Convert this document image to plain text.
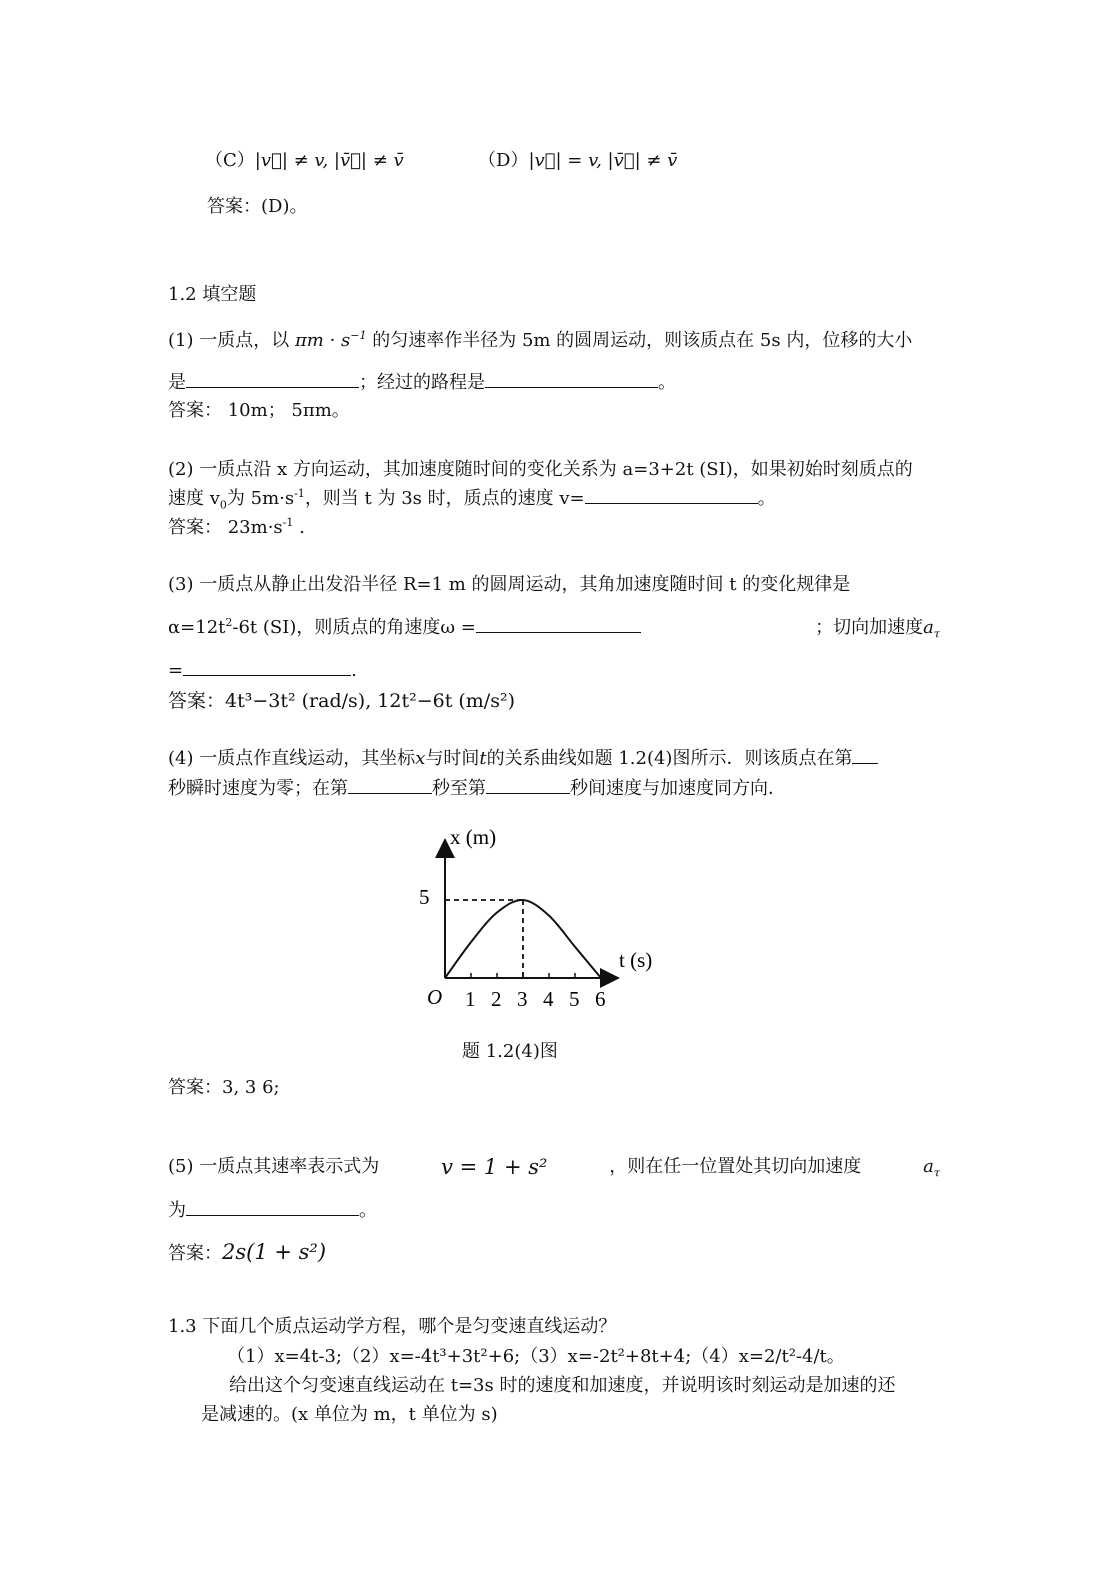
（C）|v⃗| ≠ v, |v̄⃗| ≠ v̄	（D）|v⃗| = v, |v̄⃗| ≠ v̄
答案：(D)。
1.2 填空题
(1) 一质点，以 $\pi m \cdot s^{-1}$ 的匀速率作半径为 5m 的圆周运动，则该质点在 5s 内，位移的大小
是	；经过的路程是	。
答案： 10m； 5πm。
(2) 一质点沿 x 方向运动，其加速度随时间的变化关系为 a=3+2t (SI)，如果初始时刻质点的
速度 $v_0$为 $5m\cdot s^{-1}$，则当 t 为 3s 时，质点的速度 v=	。
答案： $23m\cdot s^{-1}$ .
(3) 一质点从静止出发沿半径 R=1 m 的圆周运动，其角加速度随时间 t 的变化规律是
$\alpha=12t^2-6t$ (SI)，则质点的角速度ω =	；切向加速度$a_\tau$
=	.
答案：4t³−3t² (rad/s), 12t²−6t (m/s²)
(4) 一质点作直线运动，其坐标x与时间t的关系曲线如题 1.2(4)图所示．则该质点在第
秒瞬时速度为零；在第	秒至第	秒间速度与加速度同方向．
x (m)
t (s)
O
5
1 2 3 4 5 6
题 1.2(4)图
答案：3, 3 6;
(5) 一质点其速率表示式为	v = 1 + s²	，则在任一位置处其切向加速度	$a_\tau$
为	。
答案：2s(1 + s²)
1.3 下面几个质点运动学方程，哪个是匀变速直线运动？
（1）x=4t-3;（2）x=-4t³+3t²+6;（3）x=-2t²+8t+4;（4）x=2/t²-4/t。
给出这个匀变速直线运动在 t=3s 时的速度和加速度，并说明该时刻运动是加速的还
是减速的。(x 单位为 m，t 单位为 s)
